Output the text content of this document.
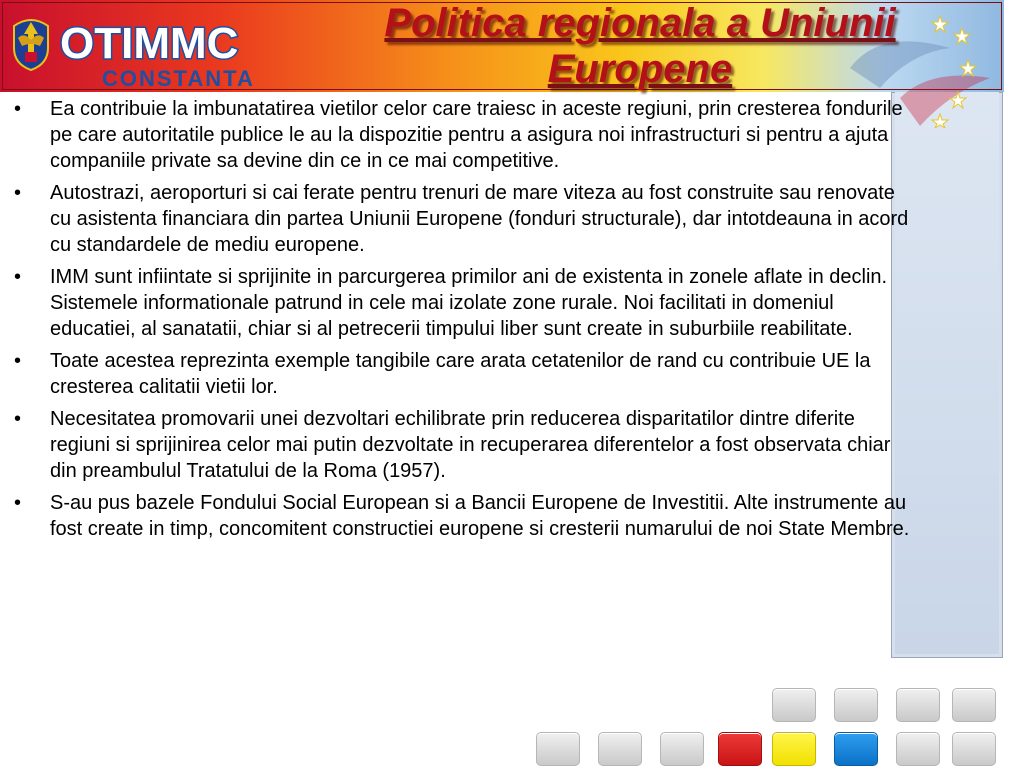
OTIMMC
CONSTANTA
Politica regionala a Uniunii
Europene
• Ea contribuie la imbunatatirea vietilor celor care traiesc in aceste regiuni, prin cresterea fondurile pe care autoritatile publice le au la dispozitie pentru a asigura noi infrastructuri si pentru a ajuta companiile private sa devine din ce in ce mai competitive.
• Autostrazi, aeroporturi si cai ferate pentru trenuri de mare viteza au fost construite sau renovate cu asistenta financiara din partea Uniunii Europene (fonduri structurale), dar intotdeauna in acord cu standardele de mediu europene.
• IMM sunt infiintate si sprijinite in parcurgerea primilor ani de existenta in zonele aflate in declin. Sistemele informationale patrund in cele mai izolate zone rurale. Noi facilitati in domeniul educatiei, al sanatatii, chiar si al petrecerii timpului liber sunt create in suburbiile reabilitate.
• Toate acestea reprezinta exemple tangibile care arata cetatenilor de rand cu contribuie UE la cresterea calitatii vietii lor.
• Necesitatea promovarii unei dezvoltari echilibrate prin reducerea disparitatilor dintre diferite regiuni si sprijinirea celor mai putin dezvoltate in recuperarea diferentelor a fost observata chiar din preambulul Tratatului de la Roma (1957).
• S-au pus bazele Fondului Social European si a Bancii Europene de Investitii. Alte instrumente au fost create in timp, concomitent constructiei europene si cresterii numarului de noi State Membre.
